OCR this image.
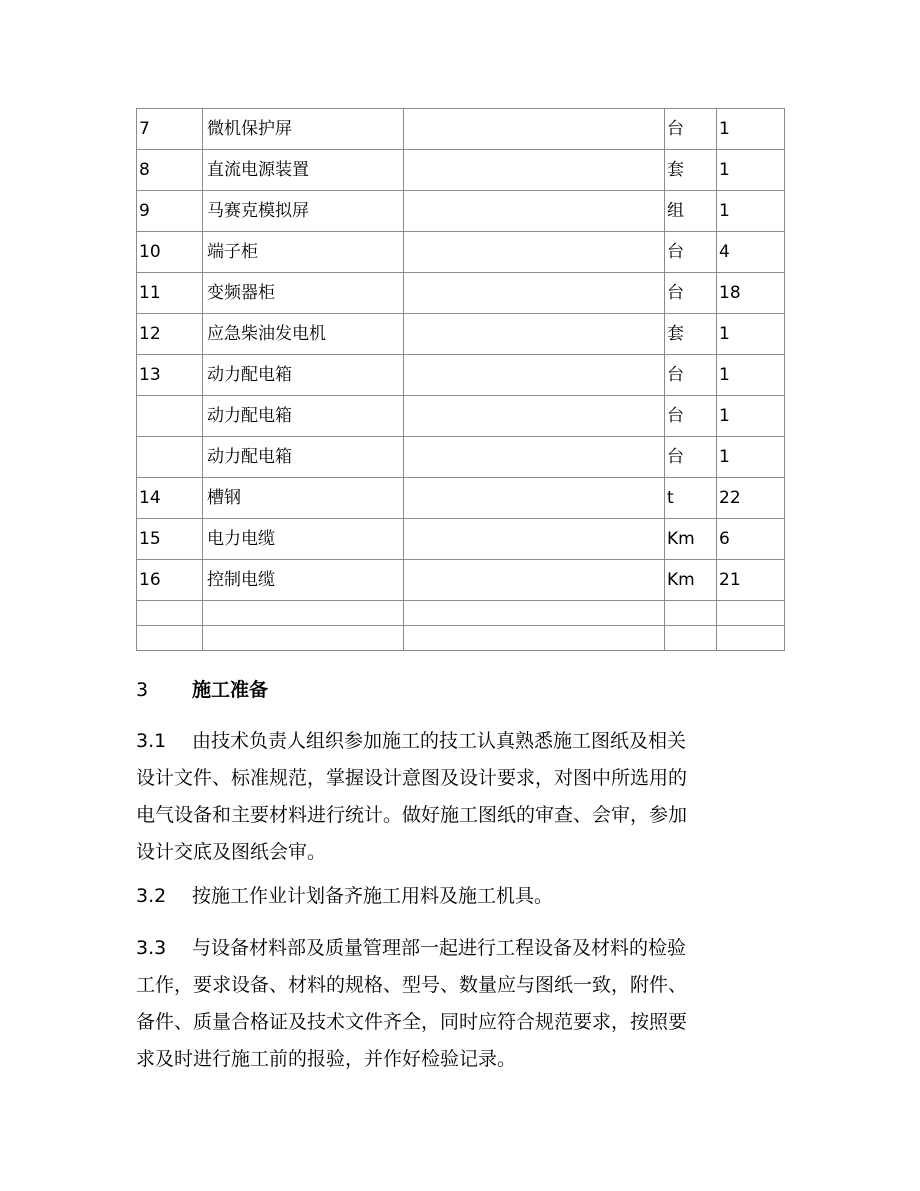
7	微机保护屏		台	1
8	直流电源装置		套	1
9	马赛克模拟屏		组	1
10	端子柜		台	4
11	变频器柜		台	18
12	应急柴油发电机		套	1
13	动力配电箱		台	1
	动力配电箱		台	1
	动力配电箱		台	1
14	槽钢		t	22
15	电力电缆		Km	6
16	控制电缆		Km	21

3 施工准备
3.1 由技术负责人组织参加施工的技工认真熟悉施工图纸及相关
设计文件、标准规范，掌握设计意图及设计要求，对图中所选用的
电气设备和主要材料进行统计。做好施工图纸的审查、会审，参加
设计交底及图纸会审。
3.2 按施工作业计划备齐施工用料及施工机具。
3.3 与设备材料部及质量管理部一起进行工程设备及材料的检验
工作，要求设备、材料的规格、型号、数量应与图纸一致，附件、
备件、质量合格证及技术文件齐全，同时应符合规范要求，按照要
求及时进行施工前的报验，并作好检验记录。
